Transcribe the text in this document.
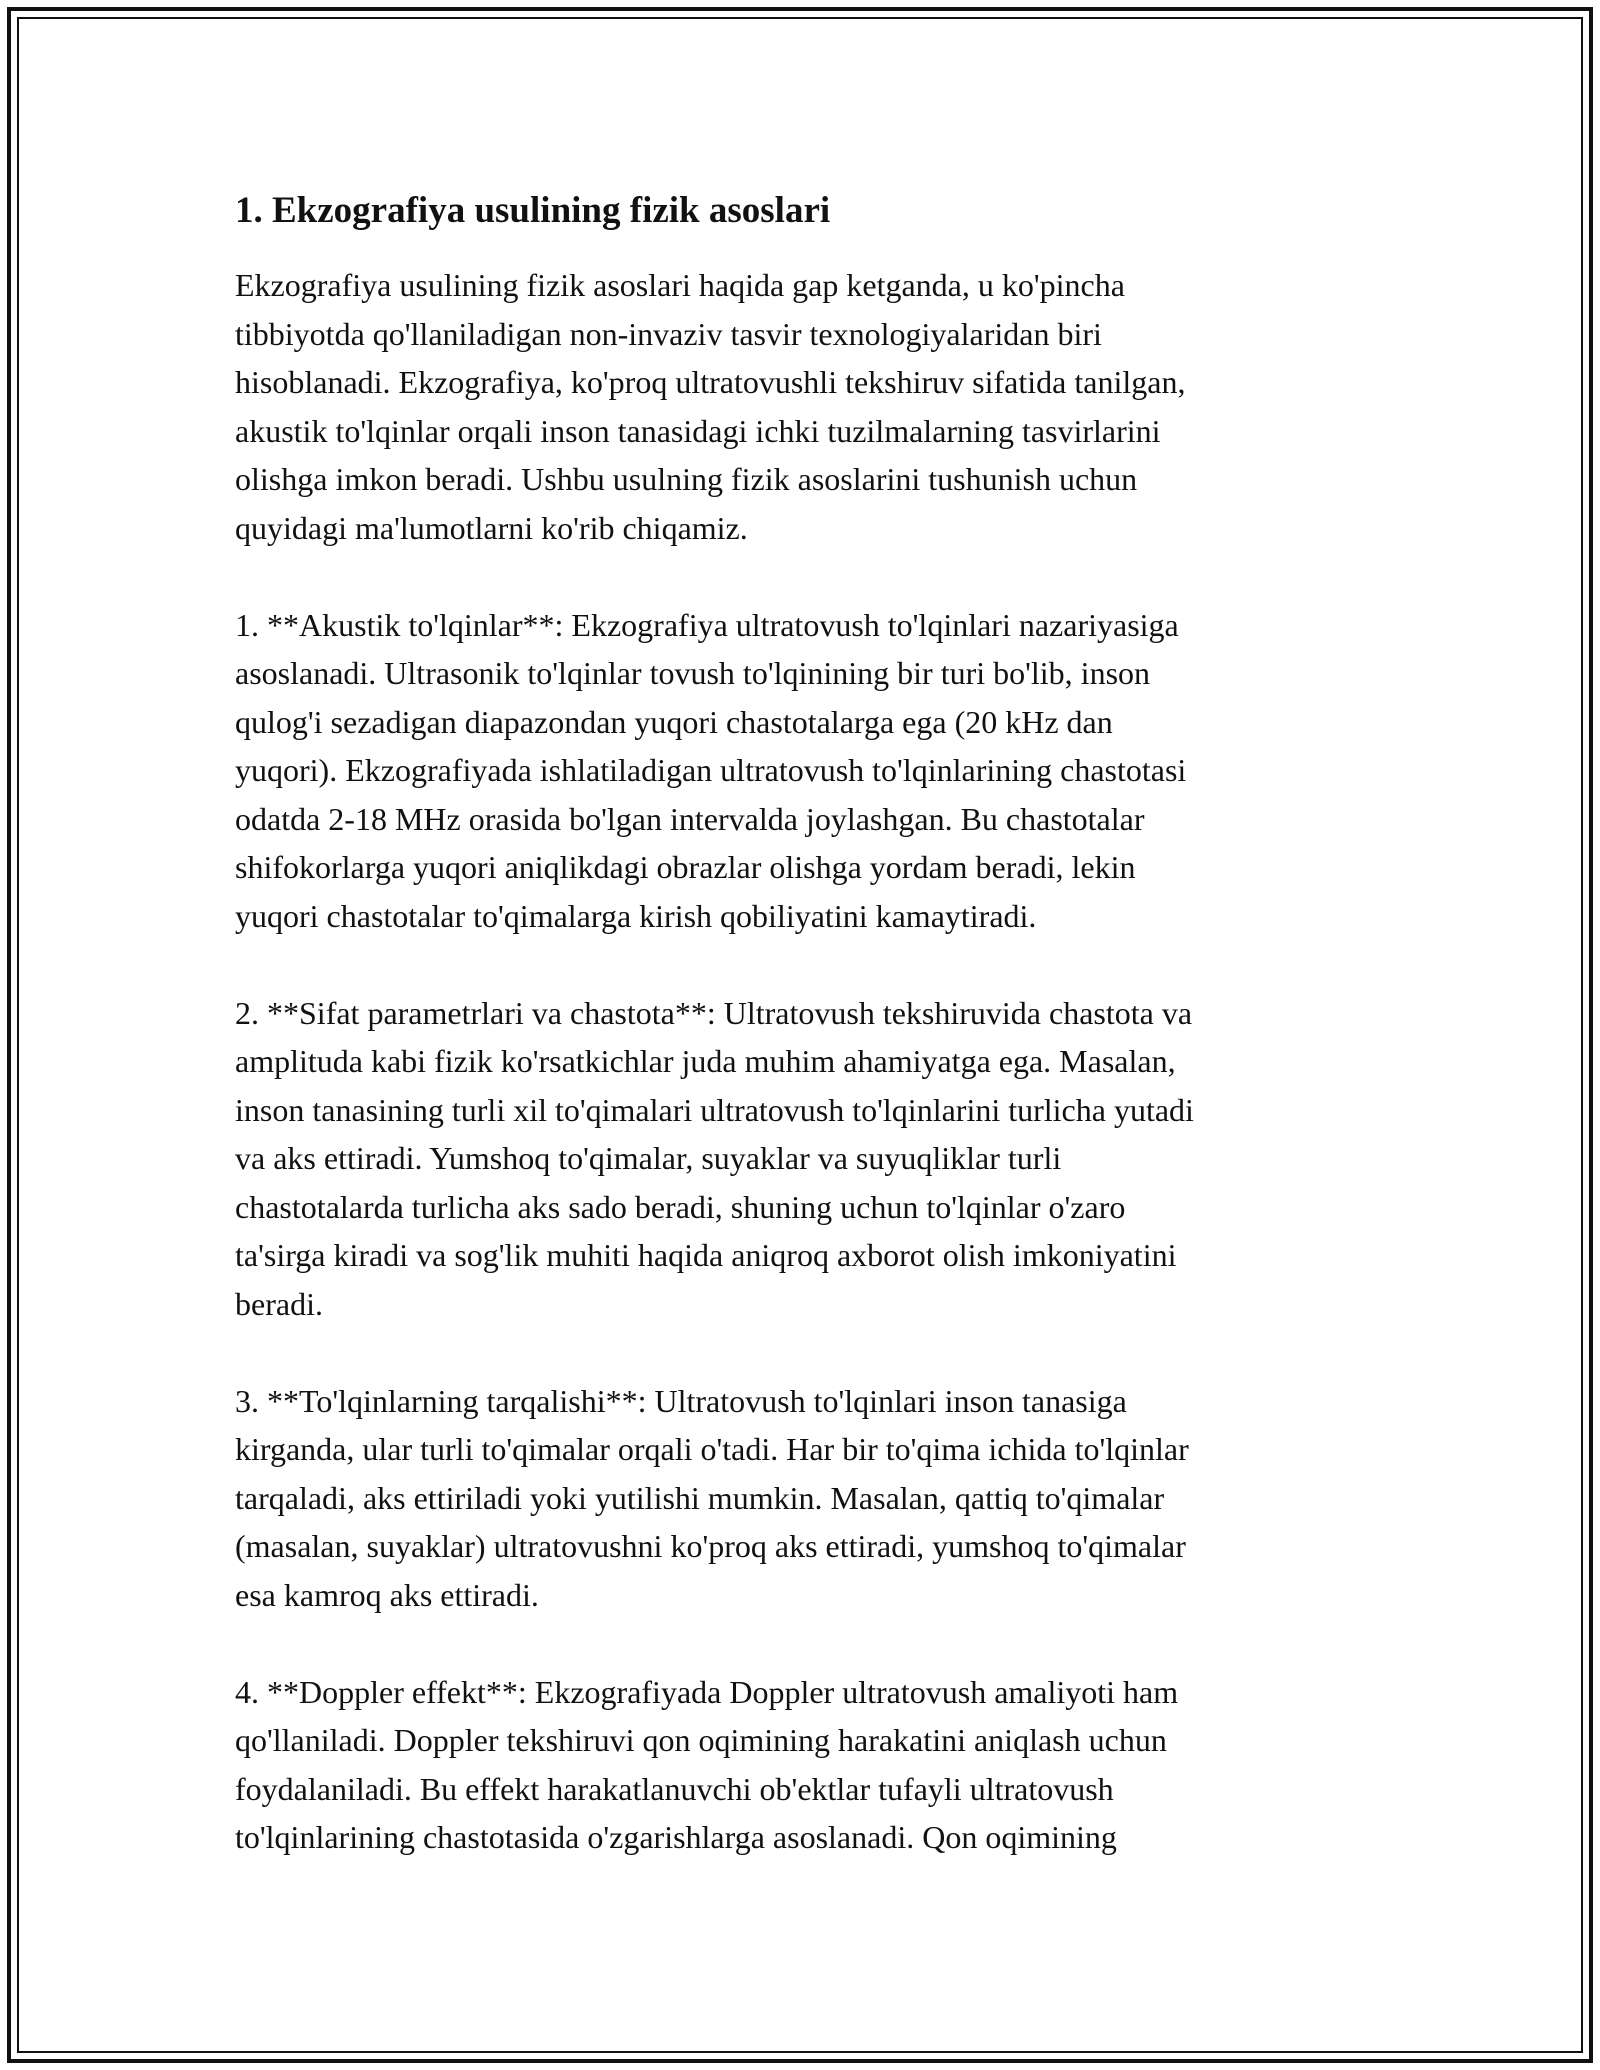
1. Ekzografiya usulining fizik asoslari
Ekzografiya usulining fizik asoslari haqida gap ketganda, u ko'pincha
tibbiyotda qo'llaniladigan non-invaziv tasvir texnologiyalaridan biri
hisoblanadi. Ekzografiya, ko'proq ultratovushli tekshiruv sifatida tanilgan,
akustik to'lqinlar orqali inson tanasidagi ichki tuzilmalarning tasvirlarini
olishga imkon beradi. Ushbu usulning fizik asoslarini tushunish uchun
quyidagi ma'lumotlarni ko'rib chiqamiz.
1. **Akustik to'lqinlar**: Ekzografiya ultratovush to'lqinlari nazariyasiga
asoslanadi. Ultrasonik to'lqinlar tovush to'lqinining bir turi bo'lib, inson
qulog'i sezadigan diapazondan yuqori chastotalarga ega (20 kHz dan
yuqori). Ekzografiyada ishlatiladigan ultratovush to'lqinlarining chastotasi
odatda 2-18 MHz orasida bo'lgan intervalda joylashgan. Bu chastotalar
shifokorlarga yuqori aniqlikdagi obrazlar olishga yordam beradi, lekin
yuqori chastotalar to'qimalarga kirish qobiliyatini kamaytiradi.
2. **Sifat parametrlari va chastota**: Ultratovush tekshiruvida chastota va
amplituda kabi fizik ko'rsatkichlar juda muhim ahamiyatga ega. Masalan,
inson tanasining turli xil to'qimalari ultratovush to'lqinlarini turlicha yutadi
va aks ettiradi. Yumshoq to'qimalar, suyaklar va suyuqliklar turli
chastotalarda turlicha aks sado beradi, shuning uchun to'lqinlar o'zaro
ta'sirga kiradi va sog'lik muhiti haqida aniqroq axborot olish imkoniyatini
beradi.
3. **To'lqinlarning tarqalishi**: Ultratovush to'lqinlari inson tanasiga
kirganda, ular turli to'qimalar orqali o'tadi. Har bir to'qima ichida to'lqinlar
tarqaladi, aks ettiriladi yoki yutilishi mumkin. Masalan, qattiq to'qimalar
(masalan, suyaklar) ultratovushni ko'proq aks ettiradi, yumshoq to'qimalar
esa kamroq aks ettiradi.
4. **Doppler effekt**: Ekzografiyada Doppler ultratovush amaliyoti ham
qo'llaniladi. Doppler tekshiruvi qon oqimining harakatini aniqlash uchun
foydalaniladi. Bu effekt harakatlanuvchi ob'ektlar tufayli ultratovush
to'lqinlarining chastotasida o'zgarishlarga asoslanadi. Qon oqimining
